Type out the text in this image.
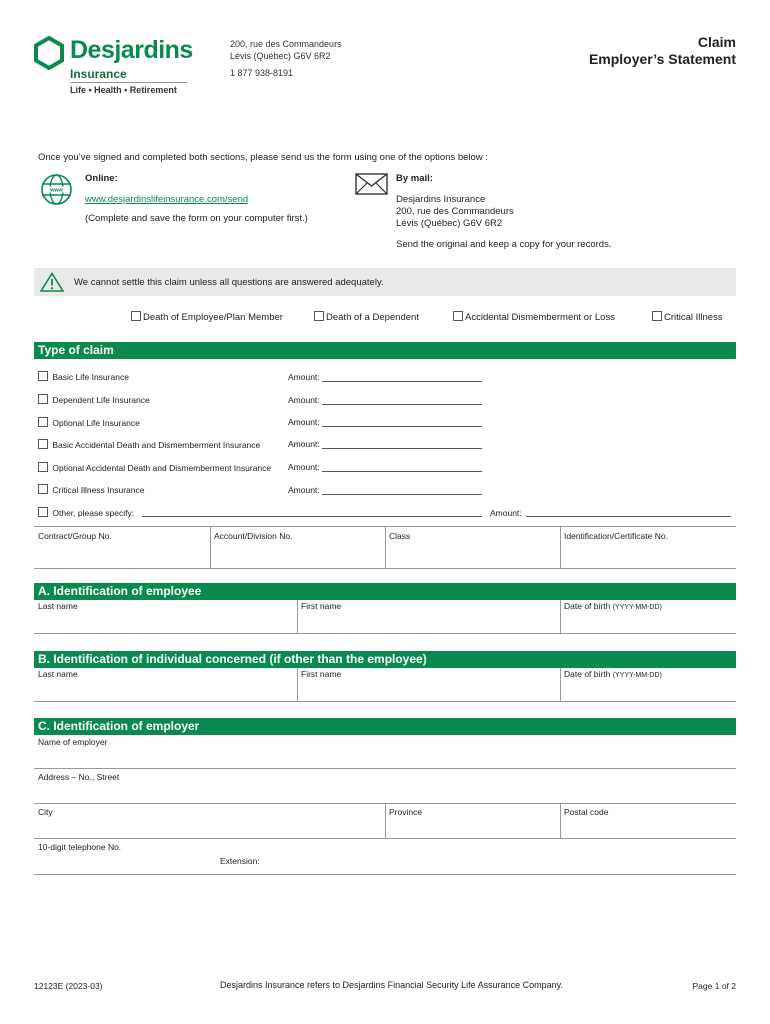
Desjardins
Insurance
Life • Health • Retirement
200, rue des Commandeurs
Lévis (Québec) G6V 6R2
1 877 938-8191
Claim
Employer’s Statement
Once you’ve signed and completed both sections, please send us the form using one of the options below :
www
Online:
www.desjardinslifeinsurance.com/send
(Complete and save the form on your computer first.)
By mail:
Desjardins Insurance
200, rue des Commandeurs
Lévis (Québec) G6V 6R2
Send the original and keep a copy for your records.
We cannot settle this claim unless all questions are answered adequately.
Death of Employee/Plan Member	Death of a Dependent	Accidental Dismemberment or Loss	Critical Illness
Type of claim
Basic Life Insurance	Amount:
Dependent Life Insurance	Amount:
Optional Life Insurance	Amount:
Basic Accidental Death and Dismemberment Insurance	Amount:
Optional Accidental Death and Dismemberment Insurance Amount:
Critical Illness Insurance	Amount:
Other, please specify:	Amount:
Contract/Group No.	Account/Division No.	Class	Identification/Certificate No.
A. Identification of employee
Last name	First name	Date of birth (YYYY-MM-DD)
B. Identification of individual concerned (if other than the employee)
Last name	First name	Date of birth (YYYY-MM-DD)
C. Identification of employer
Name of employer
Address – No., Street
City	Province	Postal code
10-digit telephone No.
Extension:
12123E (2023-03)	Desjardins Insurance refers to Desjardins Financial Security Life Assurance Company.	Page 1 of 2
